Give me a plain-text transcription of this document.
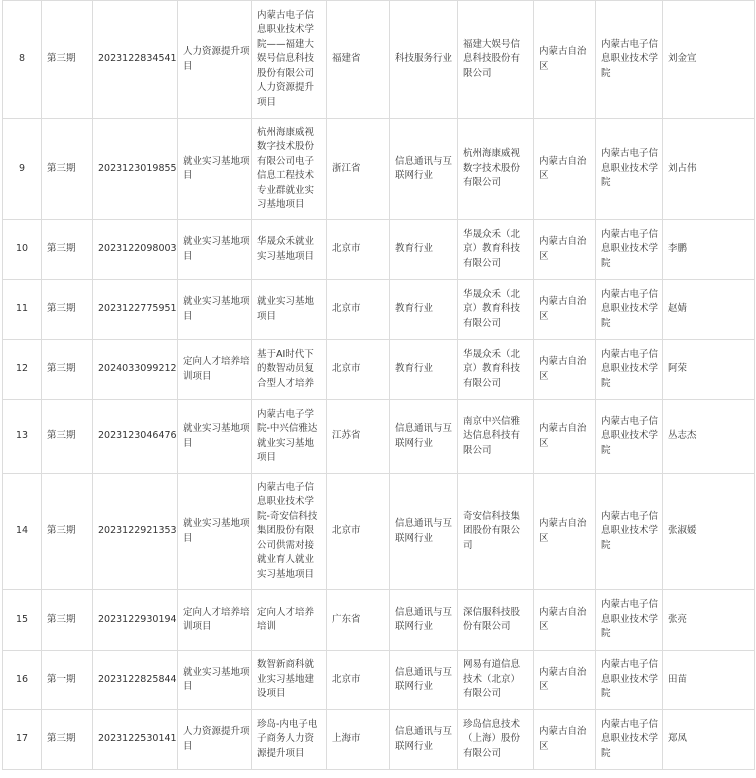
8	第三期	2023122834541	人力资源提升项目	内蒙古电子信息职业技术学院——福建大娱号信息科技股份有限公司人力资源提升项目	福建省	科技服务行业	福建大娱号信息科技股份有限公司	内蒙古自治区	内蒙古电子信息职业技术学院	刘金宣
9	第三期	2023123019855	就业实习基地项目	杭州海康威视数字技术股份有限公司电子信息工程技术专业群就业实习基地项目	浙江省	信息通讯与互联网行业	杭州海康威视数字技术股份有限公司	内蒙古自治区	内蒙古电子信息职业技术学院	刘占伟
10	第三期	2023122098003	就业实习基地项目	华晟众禾就业实习基地项目	北京市	教育行业	华晟众禾（北京）教育科技有限公司	内蒙古自治区	内蒙古电子信息职业技术学院	李鹏
11	第三期	2023122775951	就业实习基地项目	就业实习基地项目	北京市	教育行业	华晟众禾（北京）教育科技有限公司	内蒙古自治区	内蒙古电子信息职业技术学院	赵婧
12	第三期	2024033099212	定向人才培养培训项目	基于AI时代下的数智动员复合型人才培养	北京市	教育行业	华晟众禾（北京）教育科技有限公司	内蒙古自治区	内蒙古电子信息职业技术学院	阿荣
13	第三期	2023123046476	就业实习基地项目	内蒙古电子学院-中兴信雅达就业实习基地项目	江苏省	信息通讯与互联网行业	南京中兴信雅达信息科技有限公司	内蒙古自治区	内蒙古电子信息职业技术学院	丛志杰
14	第三期	2023122921353	就业实习基地项目	内蒙古电子信息职业技术学院-奇安信科技集团股份有限公司供需对接就业育人就业实习基地项目	北京市	信息通讯与互联网行业	奇安信科技集团股份有限公司	内蒙古自治区	内蒙古电子信息职业技术学院	张淑媛
15	第三期	2023122930194	定向人才培养培训项目	定向人才培养培训	广东省	信息通讯与互联网行业	深信服科技股份有限公司	内蒙古自治区	内蒙古电子信息职业技术学院	张亮
16	第一期	2023122825844	就业实习基地项目	数智新商科就业实习基地建设项目	北京市	信息通讯与互联网行业	网易有道信息技术（北京）有限公司	内蒙古自治区	内蒙古电子信息职业技术学院	田苗
17	第三期	2023122530141	人力资源提升项目	珍岛-内电子电子商务人力资源提升项目	上海市	信息通讯与互联网行业	珍岛信息技术（上海）股份有限公司	内蒙古自治区	内蒙古电子信息职业技术学院	郑凤
